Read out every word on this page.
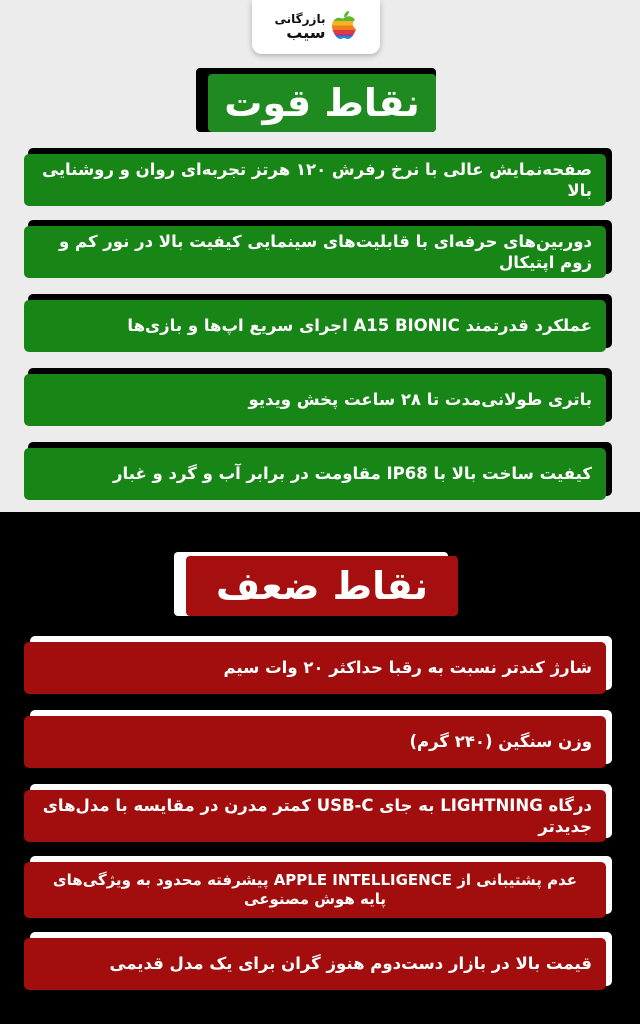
بازرگانی
سیب
نقاط قوت
صفحه‌نمایش عالی با نرخ رفرش ۱۲۰ هرتز تجربه‌ای روان و روشنایی بالا
دوربین‌های حرفه‌ای با قابلیت‌های سینمایی کیفیت بالا در نور کم و زوم اپتیکال
عملکرد قدرتمند A15 BIONIC اجرای سریع اپ‌ها و بازی‌ها
باتری طولانی‌مدت تا ۲۸ ساعت پخش ویدیو
کیفیت ساخت بالا با IP68 مقاومت در برابر آب و گرد و غبار
نقاط ضعف
شارژ کندتر نسبت به رقبا حداکثر ۲۰ وات سیم
وزن سنگین (۲۴۰ گرم)
درگاه LIGHTNING به جای USB-C کمتر مدرن در مقایسه با مدل‌های جدیدتر
عدم پشتیبانی از APPLE INTELLIGENCE پیشرفته محدود به ویژگی‌های پایه هوش مصنوعی
قیمت بالا در بازار دست‌دوم هنوز گران برای یک مدل قدیمی
